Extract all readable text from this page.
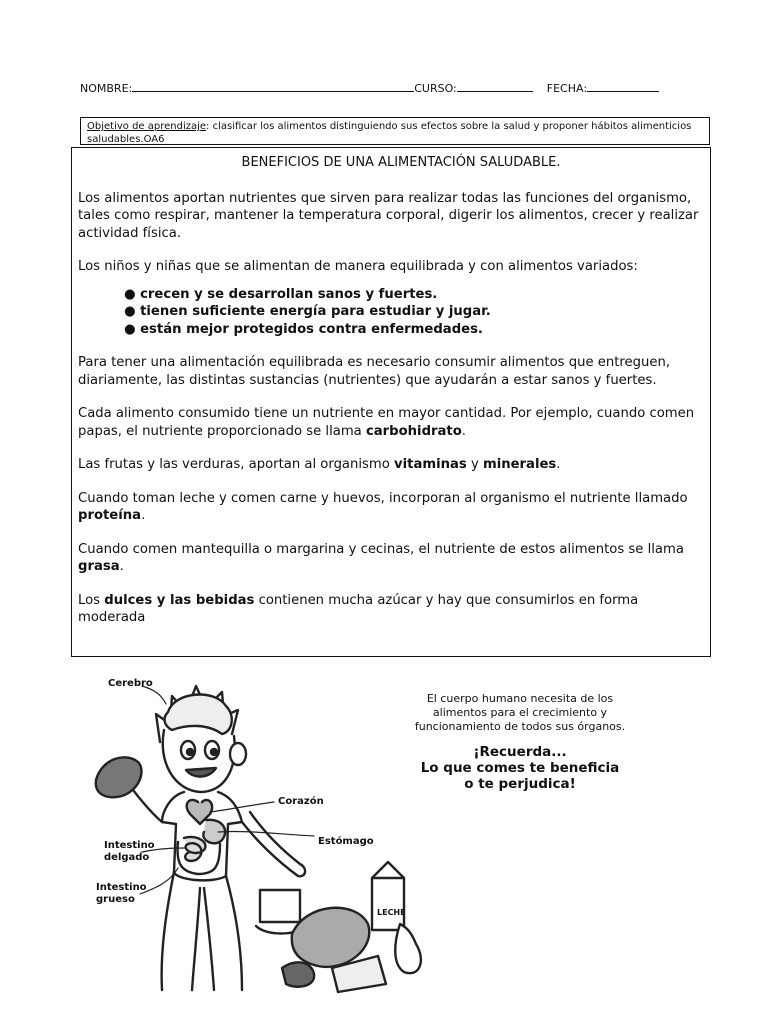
NOMBRE:	CURSO:	FECHA:
Objetivo de aprendizaje: clasificar los alimentos distinguiendo sus efectos sobre la salud y proponer hábitos alimenticios saludables.OA6
BENEFICIOS DE UNA ALIMENTACIÓN SALUDABLE.

Los alimentos aportan nutrientes que sirven para realizar todas las funciones del organismo, tales como respirar, mantener la temperatura corporal, digerir los alimentos, crecer y realizar actividad física.

Los niños y niñas que se alimentan de manera equilibrada y con alimentos variados:

● crecen y se desarrollan sanos y fuertes.
● tienen suficiente energía para estudiar y jugar.
● están mejor protegidos contra enfermedades.

Para tener una alimentación equilibrada es necesario consumir alimentos que entreguen, diariamente, las distintas sustancias (nutrientes) que ayudarán a estar sanos y fuertes.

Cada alimento consumido tiene un nutriente en mayor cantidad. Por ejemplo, cuando comen papas, el nutriente proporcionado se llama carbohidrato.

Las frutas y las verduras, aportan al organismo vitaminas y minerales.

Cuando toman leche y comen carne y huevos, incorporan al organismo el nutriente llamado proteína.

Cuando comen mantequilla o margarina y cecinas, el nutriente de estos alimentos se llama grasa.

Los dulces y las bebidas contienen mucha azúcar y hay que consumirlos en forma moderada

Cerebro
Corazón
Estómago
Intestino delgado
Intestino grueso
LECHE
El cuerpo humano necesita de los alimentos para el crecimiento y funcionamiento de todos sus órganos.
¡Recuerda...
Lo que comes te beneficia
o te perjudica!
